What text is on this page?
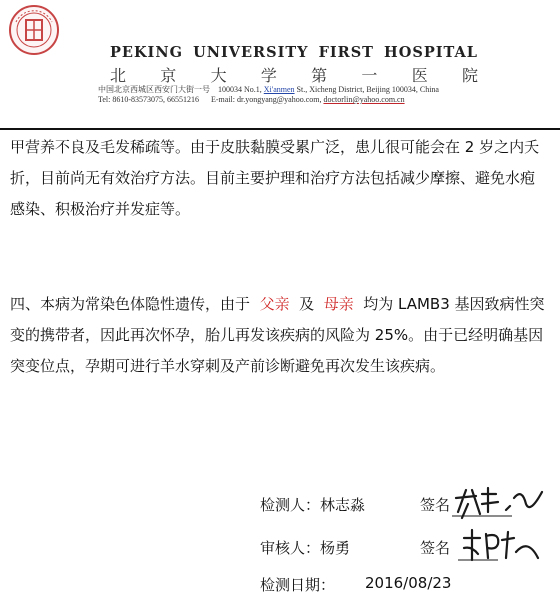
PEKING UNIVERSITY FIRST HOSPITAL
北 京 大 学 第 一 医 院
中国北京西城区西安门大街一号 100034 No.1, Xi'anmen St., Xicheng District, Beijing 100034, China
Tel: 8610-83573075, 66551216 E-mail: dr.yongyang@yahoo.com, doctorlin@yahoo.com.cn
甲营养不良及毛发稀疏等。由于皮肤黏膜受累广泛，患儿很可能会在 2 岁之内夭折，目前尚无有效治疗方法。目前主要护理和治疗方法包括减少摩擦、避免水疱感染、积极治疗并发症等。
四、本病为常染色体隐性遗传，由于 父亲 及 母亲 均为 LAMB3 基因致病性突变的携带者，因此再次怀孕，胎儿再发该疾病的风险为 25%。由于已经明确基因突变位点，孕期可进行羊水穿刺及产前诊断避免再次发生该疾病。
检测人：林志淼	签名
审核人：杨勇	签名
检测日期： 2016/08/23
